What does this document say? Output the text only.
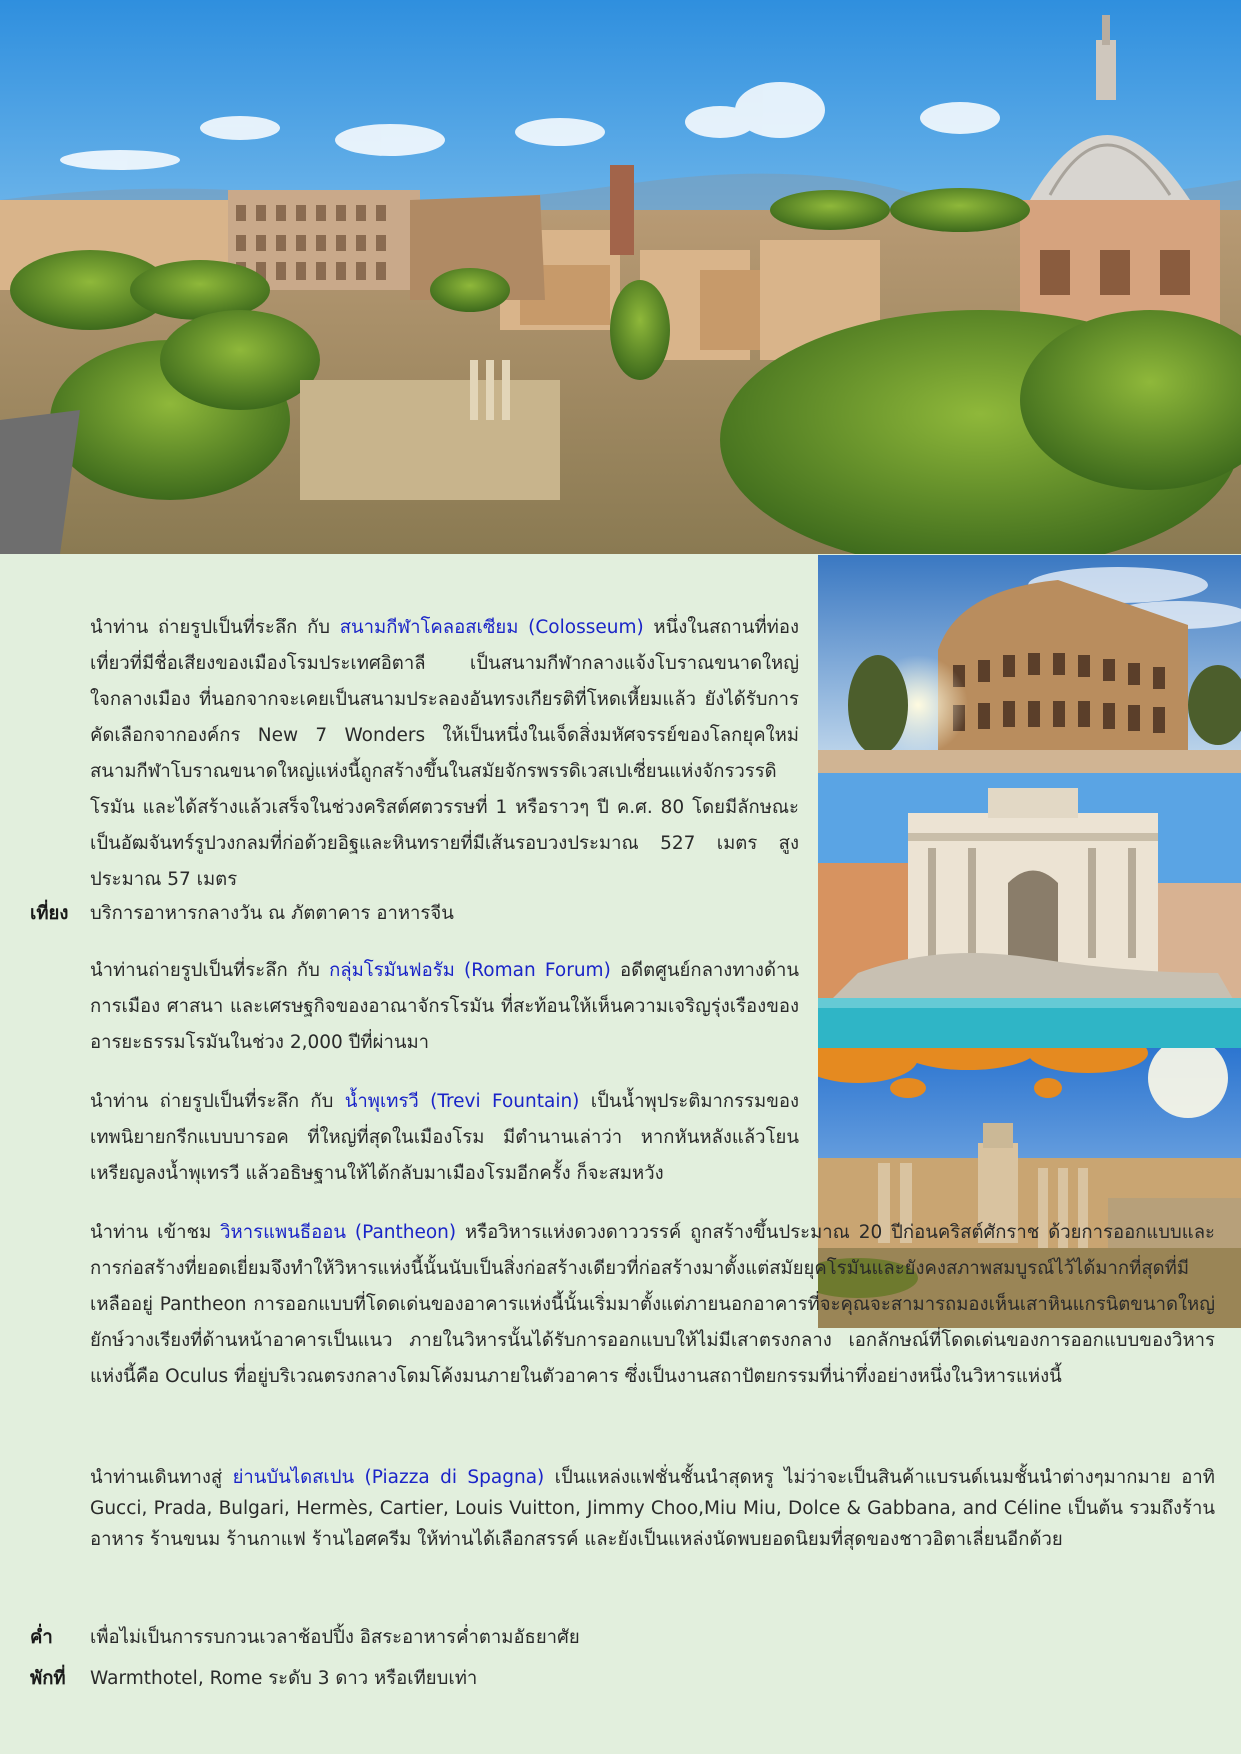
นำท่าน ถ่ายรูปเป็นที่ระลึก กับ สนามกีฬาโคลอสเซียม (Colosseum) หนึ่งในสถานที่ท่องเที่ยวที่มีชื่อเสียงของเมืองโรมประเทศอิตาลี เป็นสนามกีฬากลางแจ้งโบราณขนาดใหญ่ ใจกลางเมือง ที่นอกจากจะเคยเป็นสนามประลองอันทรงเกียรติที่โหดเหี้ยมแล้ว ยังได้รับการคัดเลือกจากองค์กร New 7 Wonders ให้เป็นหนึ่งในเจ็ดสิ่งมหัศจรรย์ของโลกยุคใหม่ สนามกีฬาโบราณขนาดใหญ่แห่งนี้ถูกสร้างขึ้นในสมัยจักรพรรดิเวสเปเซี่ยนแห่งจักรวรรดิโรมัน และได้สร้างแล้วเสร็จในช่วงคริสต์ศตวรรษที่ 1 หรือราวๆ ปี ค.ศ. 80 โดยมีลักษณะเป็นอัฒจันทร์รูปวงกลมที่ก่อด้วยอิฐและหินทรายที่มีเส้นรอบวงประมาณ 527 เมตร สูงประมาณ 57 เมตร
เที่ยง	บริการอาหารกลางวัน ณ ภัตตาคาร อาหารจีน
นำท่านถ่ายรูปเป็นที่ระลึก กับ กลุ่มโรมันฟอรัม (Roman Forum) อดีตศูนย์กลางทางด้านการเมือง ศาสนา และเศรษฐกิจของอาณาจักรโรมัน ที่สะท้อนให้เห็นความเจริญรุ่งเรืองของอารยะธรรมโรมันในช่วง 2,000 ปีที่ผ่านมา
นำท่าน ถ่ายรูปเป็นที่ระลึก กับ น้ำพุเทรวี (Trevi Fountain) เป็นน้ำพุประติมากรรมของเทพนิยายกรีกแบบบารอค ที่ใหญ่ที่สุดในเมืองโรม มีตำนานเล่าว่า หากหันหลังแล้วโยนเหรียญลงน้ำพุเทรวี แล้วอธิษฐานให้ได้กลับมาเมืองโรมอีกครั้ง ก็จะสมหวัง
นำท่าน เข้าชม วิหารแพนธีออน (Pantheon) หรือวิหารแห่งดวงดาววรรค์ ถูกสร้างขึ้นประมาณ 20 ปีก่อนคริสต์ศักราช ด้วยการออกแบบและการก่อสร้างที่ยอดเยี่ยมจึงทำให้วิหารแห่งนี้นั้นนับเป็นสิ่งก่อสร้างเดียวที่ก่อสร้างมาตั้งแต่สมัยยุคโรมันและยังคงสภาพสมบูรณ์ไว้ได้มากที่สุดที่มีเหลืออยู่ Pantheon การออกแบบที่โดดเด่นของอาคารแห่งนี้นั้นเริ่มมาตั้งแต่ภายนอกอาคารที่จะคุณจะสามารถมองเห็นเสาหินแกรนิตขนาดใหญ่ยักษ์วางเรียงที่ด้านหน้าอาคารเป็นแนว ภายในวิหารนั้นได้รับการออกแบบให้ไม่มีเสาตรงกลาง เอกลักษณ์ที่โดดเด่นของการออกแบบของวิหารแห่งนี้คือ Oculus ที่อยู่บริเวณตรงกลางโดมโค้งมนภายในตัวอาคาร ซึ่งเป็นงานสถาปัตยกรรมที่น่าทึ่งอย่างหนึ่งในวิหารแห่งนี้
นำท่านเดินทางสู่ ย่านบันไดสเปน (Piazza di Spagna) เป็นแหล่งแฟชั่นชั้นนำสุดหรู ไม่ว่าจะเป็นสินค้าแบรนด์เนมชั้นนำต่างๆมากมาย อาทิ Gucci, Prada, Bulgari, Hermès, Cartier, Louis Vuitton, Jimmy Choo,Miu Miu, Dolce & Gabbana, and Céline เป็นต้น รวมถึงร้านอาหาร ร้านขนม ร้านกาแฟ ร้านไอศครีม ให้ท่านได้เลือกสรรค์ และยังเป็นแหล่งนัดพบยอดนิยมที่สุดของชาวอิตาเลี่ยนอีกด้วย
ค่ำ	เพื่อไม่เป็นการรบกวนเวลาช้อปปิ้ง อิสระอาหารค่ำตามอัธยาศัย
พักที่	Warmthotel, Rome ระดับ 3 ดาว หรือเทียบเท่า
